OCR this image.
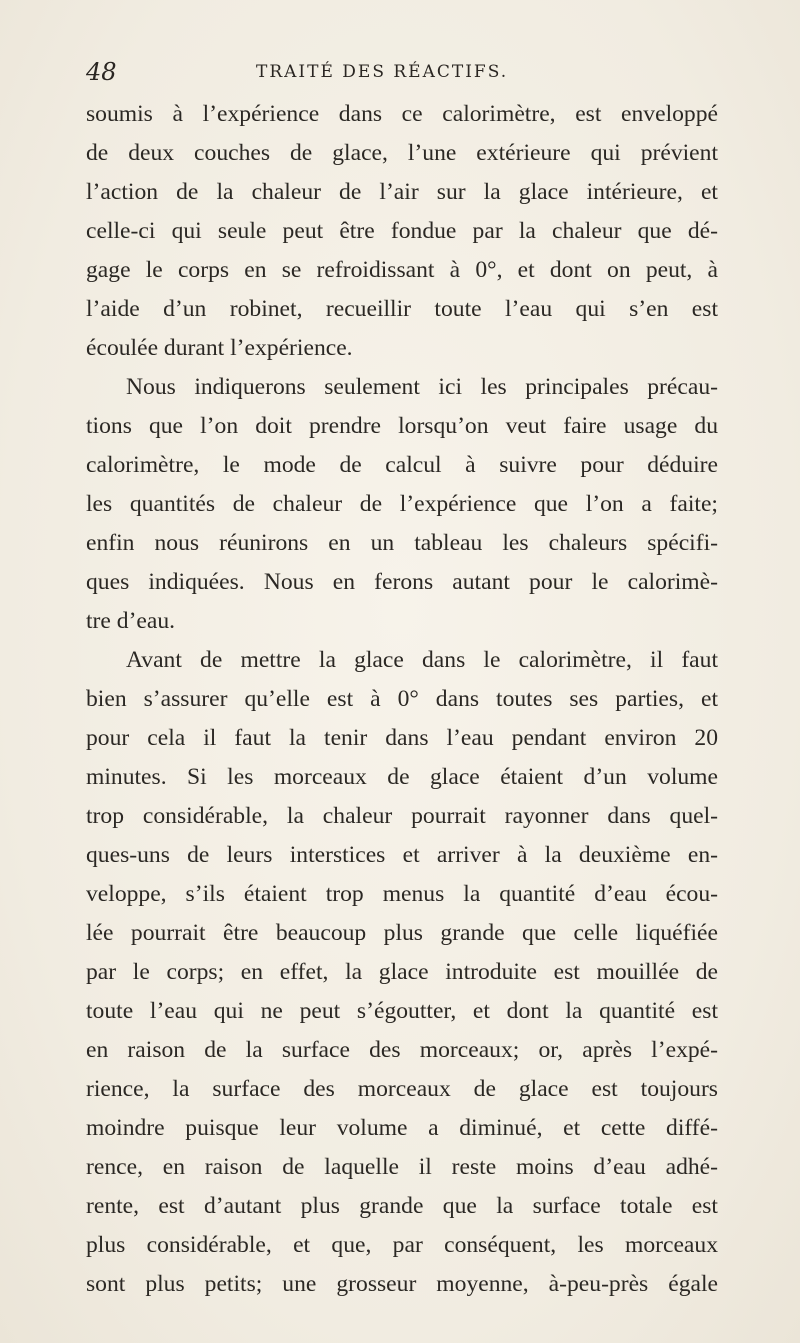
48	TRAITÉ DES RÉACTIFS.
soumis à l’expérience dans ce calorimètre, est enveloppé
de deux couches de glace, l’une extérieure qui prévient
l’action de la chaleur de l’air sur la glace intérieure, et
celle-ci qui seule peut être fondue par la chaleur que dé-
gage le corps en se refroidissant à 0°, et dont on peut, à
l’aide d’un robinet, recueillir toute l’eau qui s’en est
écoulée durant l’expérience.
Nous indiquerons seulement ici les principales précau-
tions que l’on doit prendre lorsqu’on veut faire usage du
calorimètre, le mode de calcul à suivre pour déduire
les quantités de chaleur de l’expérience que l’on a faite;
enfin nous réunirons en un tableau les chaleurs spécifi-
ques indiquées. Nous en ferons autant pour le calorimè-
tre d’eau.
Avant de mettre la glace dans le calorimètre, il faut
bien s’assurer qu’elle est à 0° dans toutes ses parties, et
pour cela il faut la tenir dans l’eau pendant environ 20
minutes. Si les morceaux de glace étaient d’un volume
trop considérable, la chaleur pourrait rayonner dans quel-
ques-uns de leurs interstices et arriver à la deuxième en-
veloppe, s’ils étaient trop menus la quantité d’eau écou-
lée pourrait être beaucoup plus grande que celle liquéfiée
par le corps; en effet, la glace introduite est mouillée de
toute l’eau qui ne peut s’égoutter, et dont la quantité est
en raison de la surface des morceaux; or, après l’expé-
rience, la surface des morceaux de glace est toujours
moindre puisque leur volume a diminué, et cette diffé-
rence, en raison de laquelle il reste moins d’eau adhé-
rente, est d’autant plus grande que la surface totale est
plus considérable, et que, par conséquent, les morceaux
sont plus petits; une grosseur moyenne, à-peu-près égale
